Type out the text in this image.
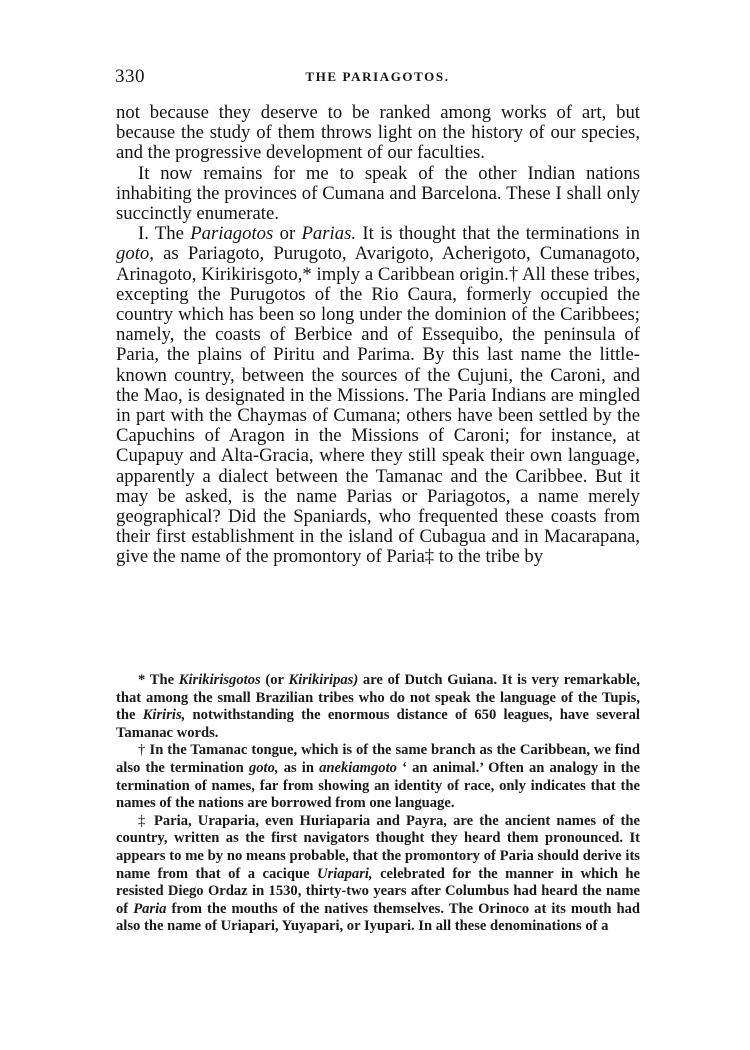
330	THE PARIAGOTOS.

not because they deserve to be ranked among works of art, but because the study of them throws light on the history of our species, and the progressive development of our faculties.

It now remains for me to speak of the other Indian nations inhabiting the provinces of Cumana and Barcelona. These I shall only succinctly enumerate.

I. The Pariagotos or Parias. It is thought that the terminations in goto, as Pariagoto, Purugoto, Avarigoto, Acherigoto, Cumanagoto, Arinagoto, Kirikirisgoto,* imply a Caribbean origin.† All these tribes, excepting the Purugotos of the Rio Caura, formerly occupied the country which has been so long under the dominion of the Caribbees; namely, the coasts of Berbice and of Essequibo, the peninsula of Paria, the plains of Piritu and Parima. By this last name the little-known country, between the sources of the Cujuni, the Caroni, and the Mao, is designated in the Missions. The Paria Indians are mingled in part with the Chaymas of Cumana; others have been settled by the Capuchins of Aragon in the Missions of Caroni; for instance, at Cupapuy and Alta-Gracia, where they still speak their own language, apparently a dialect between the Tamanac and the Caribbee. But it may be asked, is the name Parias or Pariagotos, a name merely geographical? Did the Spaniards, who frequented these coasts from their first establishment in the island of Cubagua and in Macarapana, give the name of the promontory of Paria‡ to the tribe by

* The Kirikirisgotos (or Kirikiripas) are of Dutch Guiana. It is very remarkable, that among the small Brazilian tribes who do not speak the language of the Tupis, the Kiriris, notwithstanding the enormous distance of 650 leagues, have several Tamanac words.

† In the Tamanac tongue, which is of the same branch as the Caribbean, we find also the termination goto, as in anekiamgoto ‘ an animal.’ Often an analogy in the termination of names, far from showing an identity of race, only indicates that the names of the nations are borrowed from one language.

‡ Paria, Uraparia, even Huriaparia and Payra, are the ancient names of the country, written as the first navigators thought they heard them pronounced. It appears to me by no means probable, that the promontory of Paria should derive its name from that of a cacique Uriapari, celebrated for the manner in which he resisted Diego Ordaz in 1530, thirty-two years after Columbus had heard the name of Paria from the mouths of the natives themselves. The Orinoco at its mouth had also the name of Uriapari, Yuyapari, or Iyupari. In all these denominations of a
